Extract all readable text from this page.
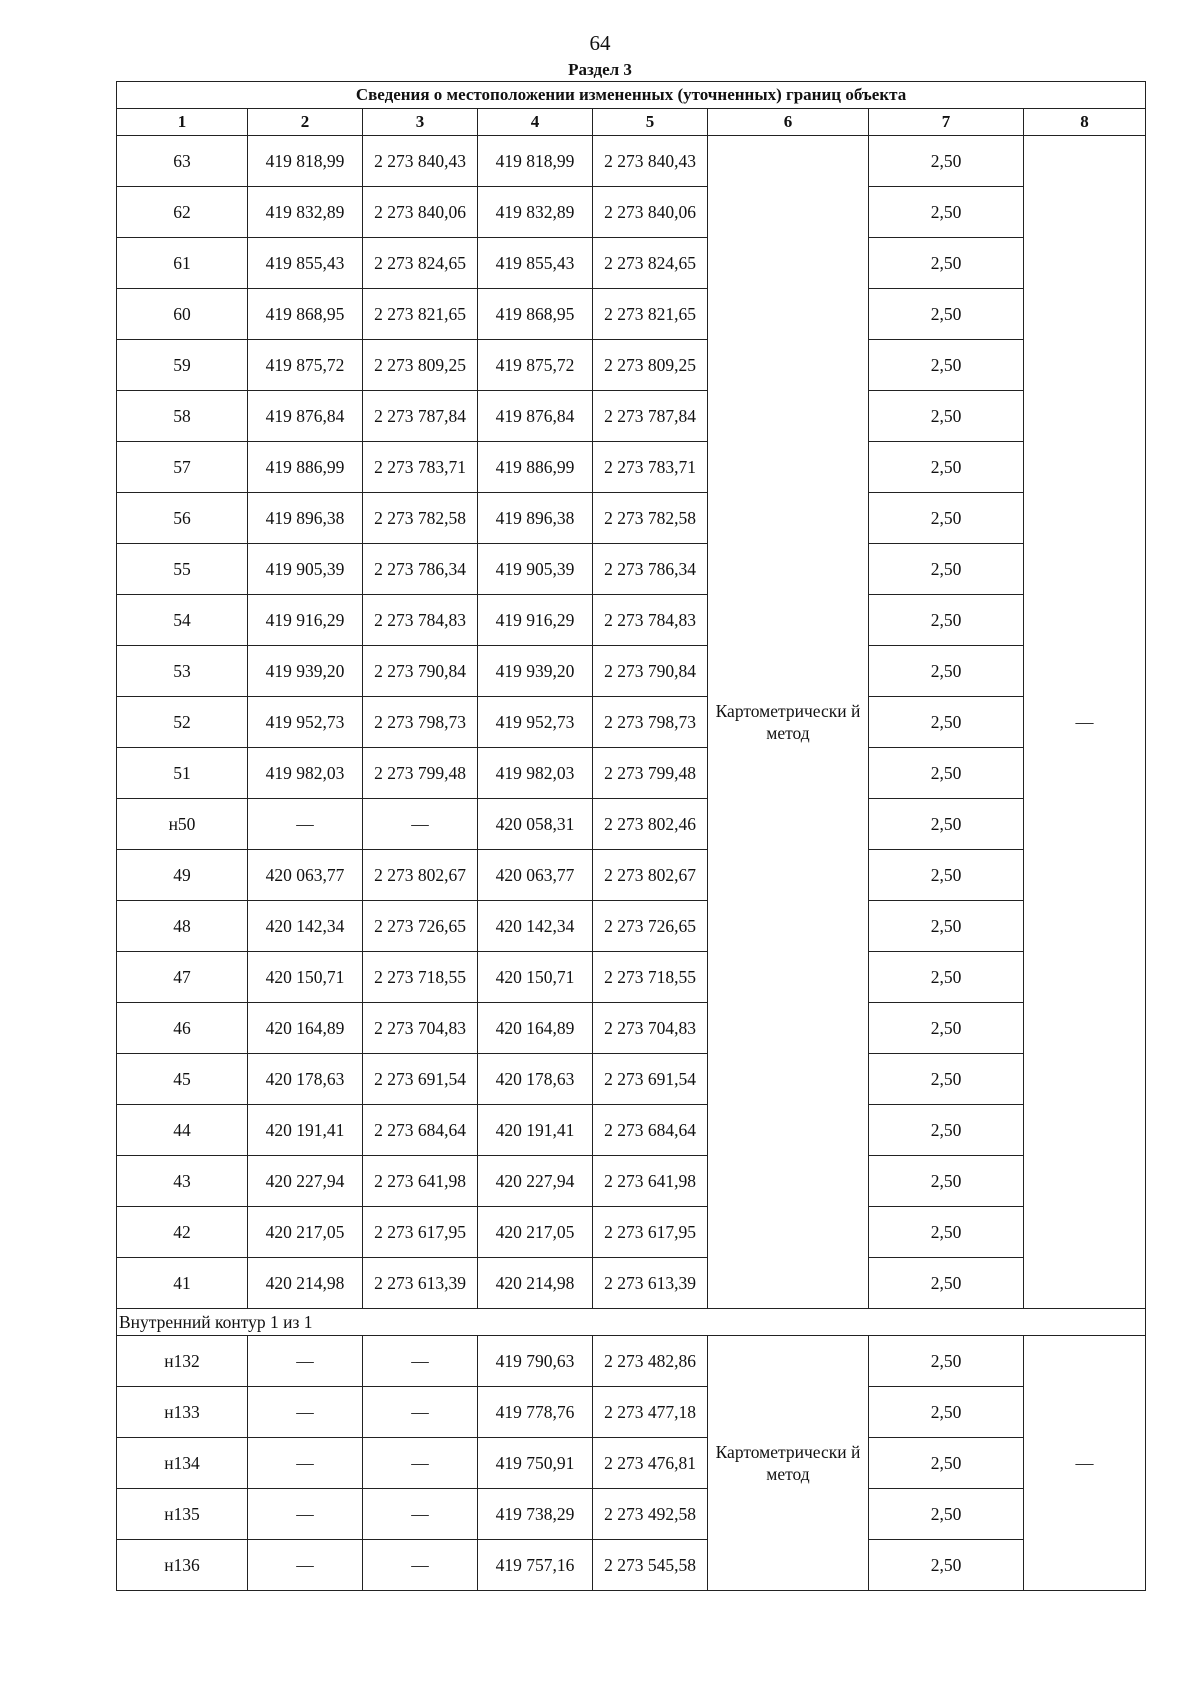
64
Раздел 3
Сведения о местоположении измененных (уточненных) границ объекта							
1	2	3	4	5	6	7	8
63	419 818,99	2 273 840,43	419 818,99	2 273 840,43	Картометрически й метод	2,50	—
62	419 832,89	2 273 840,06	419 832,89	2 273 840,06		2,50	
61	419 855,43	2 273 824,65	419 855,43	2 273 824,65		2,50	
60	419 868,95	2 273 821,65	419 868,95	2 273 821,65		2,50	
59	419 875,72	2 273 809,25	419 875,72	2 273 809,25		2,50	
58	419 876,84	2 273 787,84	419 876,84	2 273 787,84		2,50	
57	419 886,99	2 273 783,71	419 886,99	2 273 783,71		2,50	
56	419 896,38	2 273 782,58	419 896,38	2 273 782,58		2,50	
55	419 905,39	2 273 786,34	419 905,39	2 273 786,34		2,50	
54	419 916,29	2 273 784,83	419 916,29	2 273 784,83		2,50	
53	419 939,20	2 273 790,84	419 939,20	2 273 790,84		2,50	
52	419 952,73	2 273 798,73	419 952,73	2 273 798,73		2,50	
51	419 982,03	2 273 799,48	419 982,03	2 273 799,48		2,50	
н50	—	—	420 058,31	2 273 802,46		2,50	
49	420 063,77	2 273 802,67	420 063,77	2 273 802,67		2,50	
48	420 142,34	2 273 726,65	420 142,34	2 273 726,65		2,50	
47	420 150,71	2 273 718,55	420 150,71	2 273 718,55		2,50	
46	420 164,89	2 273 704,83	420 164,89	2 273 704,83		2,50	
45	420 178,63	2 273 691,54	420 178,63	2 273 691,54		2,50	
44	420 191,41	2 273 684,64	420 191,41	2 273 684,64		2,50	
43	420 227,94	2 273 641,98	420 227,94	2 273 641,98		2,50	
42	420 217,05	2 273 617,95	420 217,05	2 273 617,95		2,50	
41	420 214,98	2 273 613,39	420 214,98	2 273 613,39		2,50	
Внутренний контур 1 из 1							
н132	—	—	419 790,63	2 273 482,86	Картометрически й метод	2,50	—
н133	—	—	419 778,76	2 273 477,18		2,50	
н134	—	—	419 750,91	2 273 476,81		2,50	
н135	—	—	419 738,29	2 273 492,58		2,50	
н136	—	—	419 757,16	2 273 545,58		2,50	
